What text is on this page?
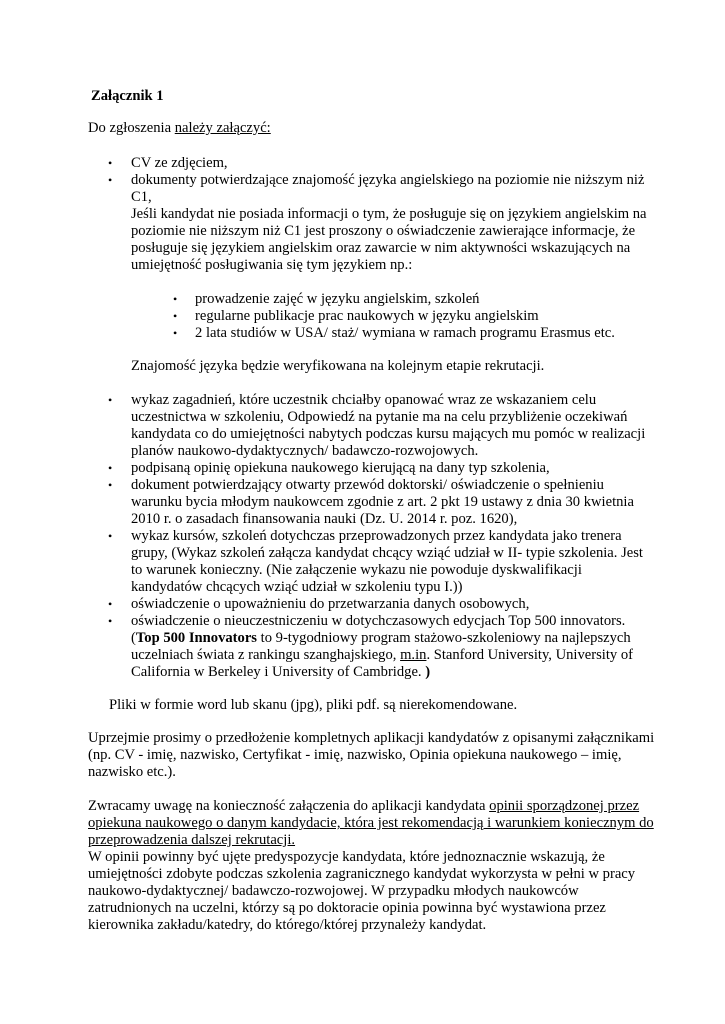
Załącznik 1
Do zgłoszenia należy załączyć:
•
CV ze zdjęciem,
•
dokumenty potwierdzające znajomość języka angielskiego na poziomie nie niższym niż
C1,
Jeśli kandydat nie posiada informacji o tym, że posługuje się on językiem angielskim na
poziomie nie niższym niż C1 jest proszony o oświadczenie zawierające informacje, że
posługuje się językiem angielskim oraz zawarcie w nim aktywności wskazujących na
umiejętność posługiwania się tym językiem np.:
•
prowadzenie zajęć w języku angielskim, szkoleń
•
regularne publikacje prac naukowych w języku angielskim
•
2 lata studiów w USA/ staż/ wymiana w ramach programu Erasmus etc.
Znajomość języka będzie weryfikowana na kolejnym etapie rekrutacji.
•
wykaz zagadnień, które uczestnik chciałby opanować wraz ze wskazaniem celu
uczestnictwa w szkoleniu, Odpowiedź na pytanie ma na celu przybliżenie oczekiwań
kandydata co do umiejętności nabytych podczas kursu mających mu pomóc w realizacji
planów naukowo-dydaktycznych/ badawczo-rozwojowych.
•
podpisaną opinię opiekuna naukowego kierującą na dany typ szkolenia,
•
dokument potwierdzający otwarty przewód doktorski/ oświadczenie o spełnieniu
warunku bycia młodym naukowcem zgodnie z art. 2 pkt 19 ustawy z dnia 30 kwietnia
2010 r. o zasadach finansowania nauki (Dz. U. 2014 r. poz. 1620),
•
wykaz kursów, szkoleń dotychczas przeprowadzonych przez kandydata jako trenera
grupy, (Wykaz szkoleń załącza kandydat chcący wziąć udział w II- typie szkolenia. Jest
to warunek konieczny. (Nie załączenie wykazu nie powoduje dyskwalifikacji
kandydatów chcących wziąć udział w szkoleniu typu I.))
•
oświadczenie o upoważnieniu do przetwarzania danych osobowych,
•
oświadczenie o nieuczestniczeniu w dotychczasowych edycjach Top 500 innovators.
(Top 500 Innovators to 9-tygodniowy program stażowo-szkoleniowy na najlepszych
uczelniach świata z rankingu szanghajskiego, m.in. Stanford University, University of
California w Berkeley i University of Cambridge. )
Pliki w formie word lub skanu (jpg), pliki pdf. są nierekomendowane.
Uprzejmie prosimy o przedłożenie kompletnych aplikacji kandydatów z opisanymi załącznikami
(np. CV - imię, nazwisko, Certyfikat - imię, nazwisko, Opinia opiekuna naukowego – imię,
nazwisko etc.).
Zwracamy uwagę na konieczność załączenia do aplikacji kandydata opinii sporządzonej przez
opiekuna naukowego o danym kandydacie, która jest rekomendacją i warunkiem koniecznym do
przeprowadzenia dalszej rekrutacji.
W opinii powinny być ujęte predyspozycje kandydata, które jednoznacznie wskazują, że
umiejętności zdobyte podczas szkolenia zagranicznego kandydat wykorzysta w pełni w pracy
naukowo-dydaktycznej/ badawczo-rozwojowej. W przypadku młodych naukowców
zatrudnionych na uczelni, którzy są po doktoracie opinia powinna być wystawiona przez
kierownika zakładu/katedry, do którego/której przynależy kandydat.
